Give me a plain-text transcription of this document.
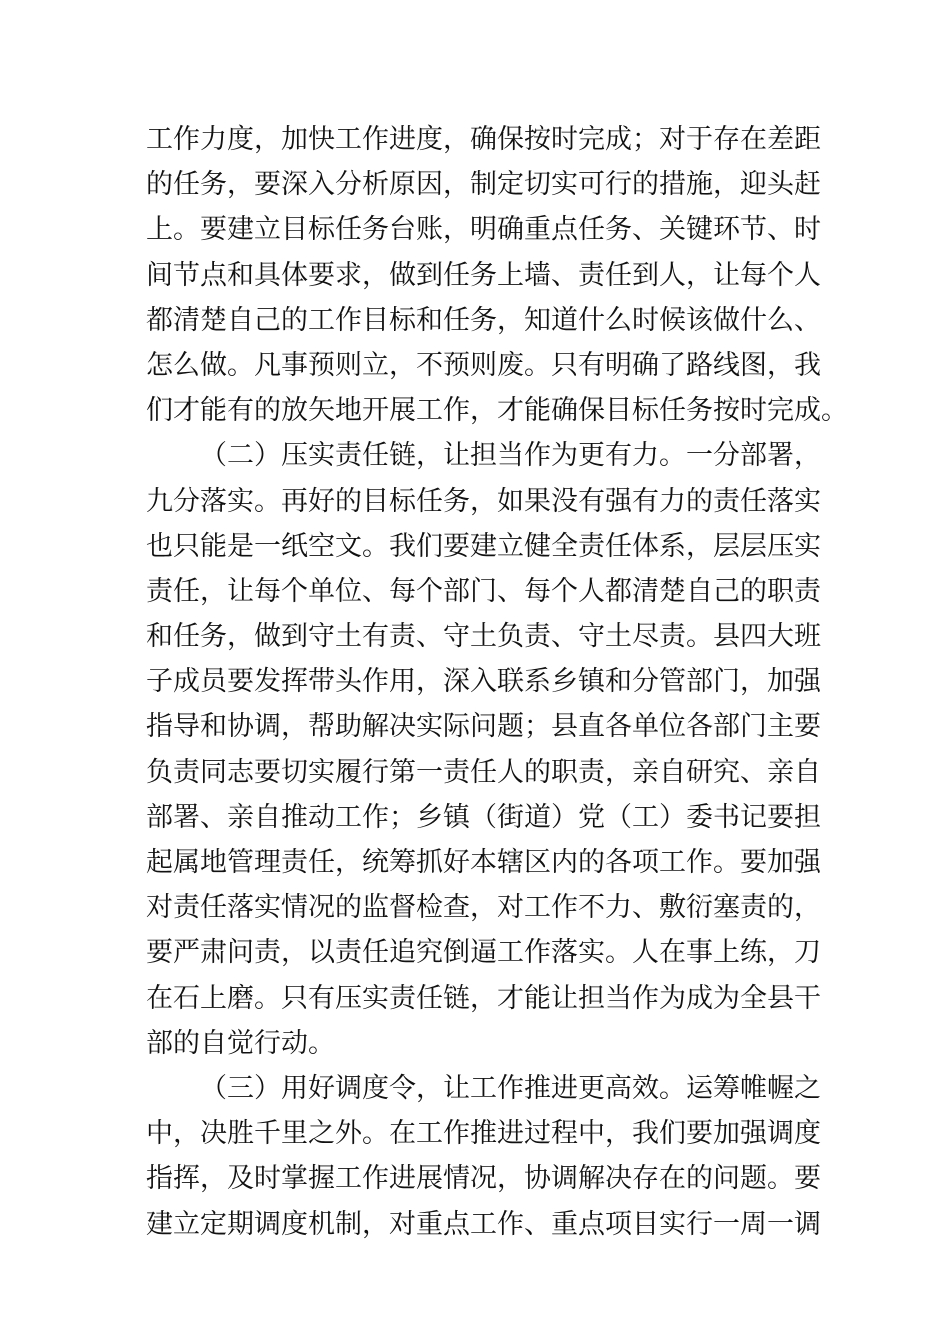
工作力度，加快工作进度，确保按时完成；对于存在差距
的任务，要深入分析原因，制定切实可行的措施，迎头赶
上。要建立目标任务台账，明确重点任务、关键环节、时
间节点和具体要求，做到任务上墙、责任到人，让每个人
都清楚自己的工作目标和任务，知道什么时候该做什么、
怎么做。凡事预则立，不预则废。只有明确了路线图，我
们才能有的放矢地开展工作，才能确保目标任务按时完成。
（二）压实责任链，让担当作为更有力。一分部署，
九分落实。再好的目标任务，如果没有强有力的责任落实
也只能是一纸空文。我们要建立健全责任体系，层层压实
责任，让每个单位、每个部门、每个人都清楚自己的职责
和任务，做到守土有责、守土负责、守土尽责。县四大班
子成员要发挥带头作用，深入联系乡镇和分管部门，加强
指导和协调，帮助解决实际问题；县直各单位各部门主要
负责同志要切实履行第一责任人的职责，亲自研究、亲自
部署、亲自推动工作；乡镇（街道）党（工）委书记要担
起属地管理责任，统筹抓好本辖区内的各项工作。要加强
对责任落实情况的监督检查，对工作不力、敷衍塞责的，
要严肃问责，以责任追究倒逼工作落实。人在事上练，刀
在石上磨。只有压实责任链，才能让担当作为成为全县干
部的自觉行动。
（三）用好调度令，让工作推进更高效。运筹帷幄之
中，决胜千里之外。在工作推进过程中，我们要加强调度
指挥，及时掌握工作进展情况，协调解决存在的问题。要
建立定期调度机制，对重点工作、重点项目实行一周一调
